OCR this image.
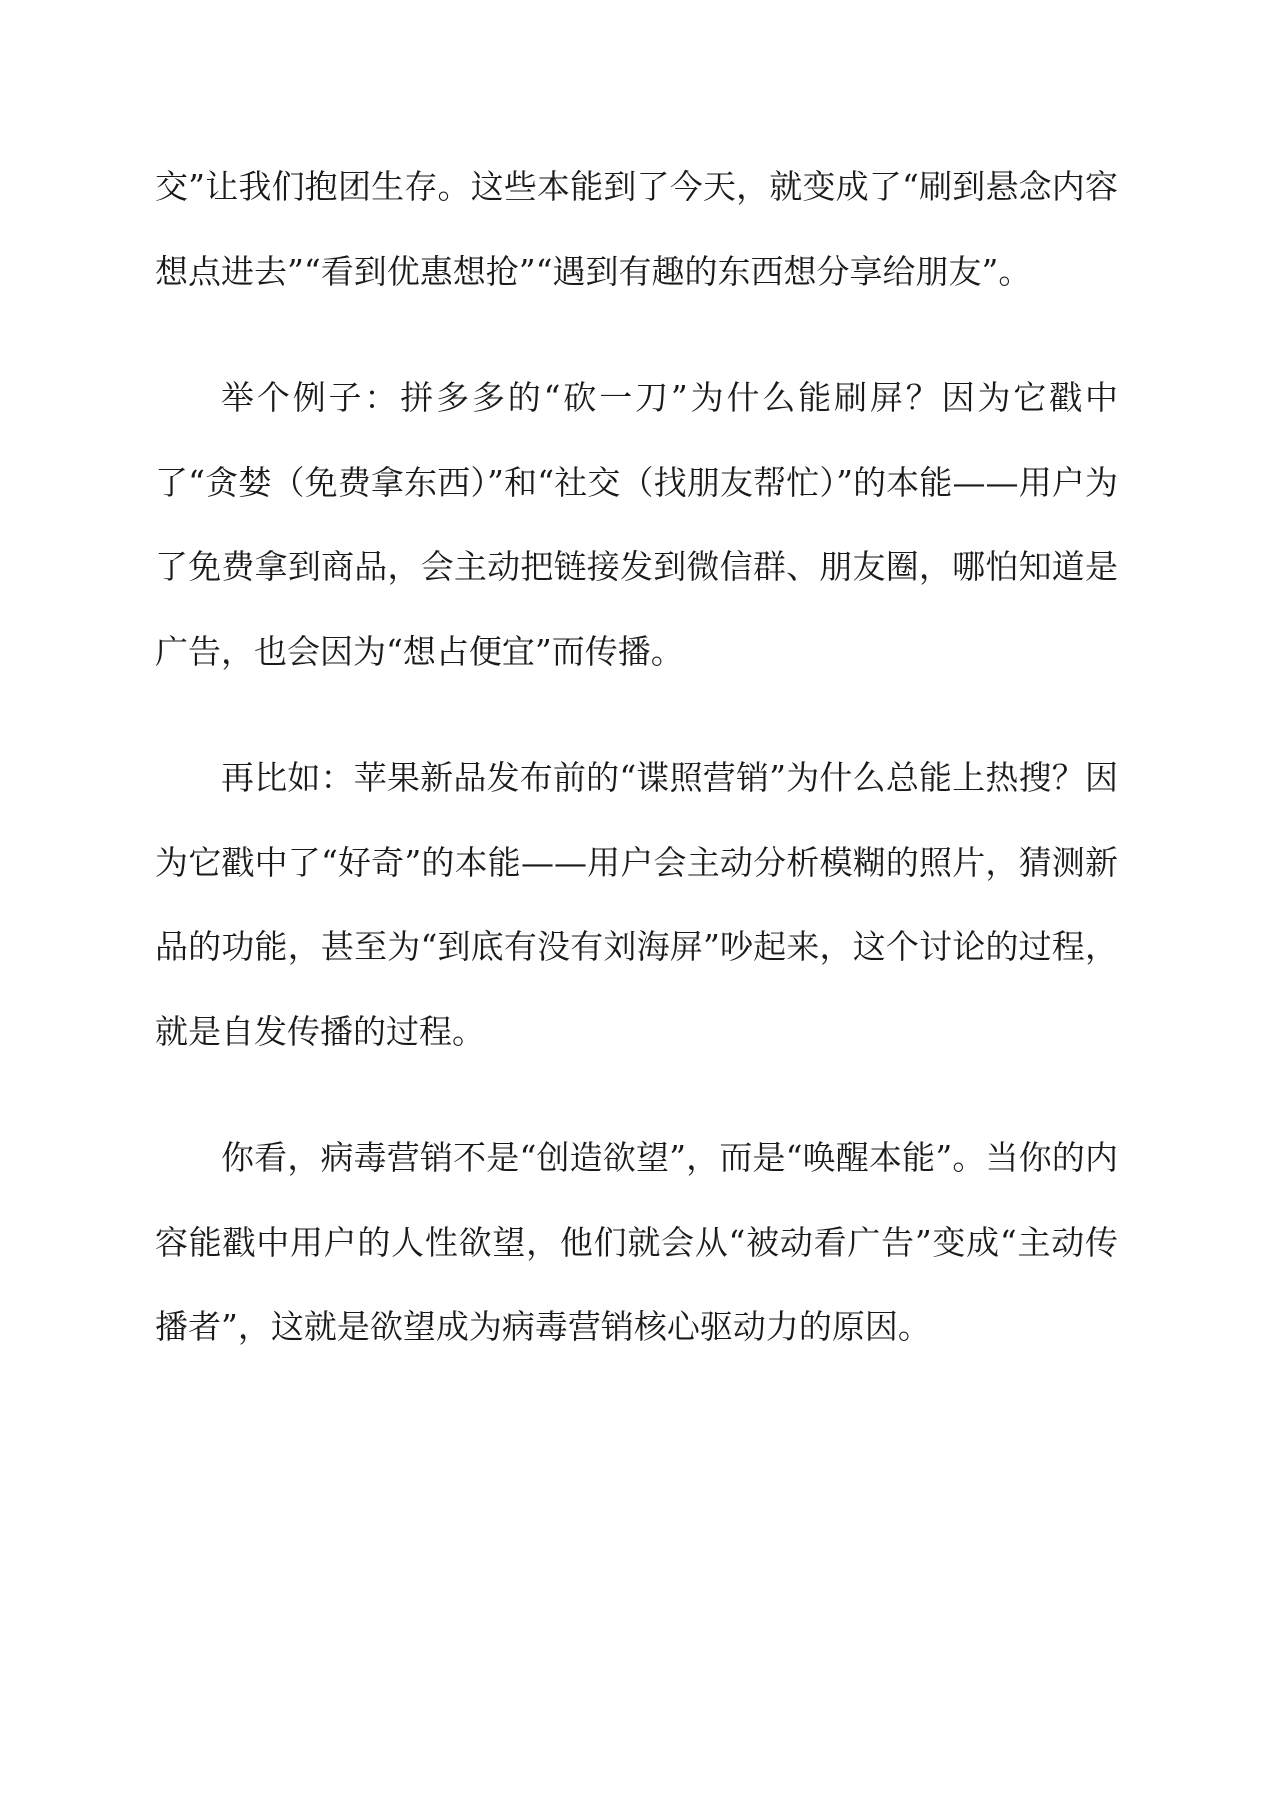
交”让我们抱团生存。这些本能到了今天，就变成了“刷到悬念内容想点进去”“看到优惠想抢”“遇到有趣的东西想分享给朋友”。

举个例子：拼多多的“砍一刀”为什么能刷屏？因为它戳中了“贪婪（免费拿东西）”和“社交（找朋友帮忙）”的本能——用户为了免费拿到商品，会主动把链接发到微信群、朋友圈，哪怕知道是广告，也会因为“想占便宜”而传播。

再比如：苹果新品发布前的“谍照营销”为什么总能上热搜？因为它戳中了“好奇”的本能——用户会主动分析模糊的照片，猜测新品的功能，甚至为“到底有没有刘海屏”吵起来，这个讨论的过程，就是自发传播的过程。

你看，病毒营销不是“创造欲望”，而是“唤醒本能”。当你的内容能戳中用户的人性欲望，他们就会从“被动看广告”变成“主动传播者”，这就是欲望成为病毒营销核心驱动力的原因。
